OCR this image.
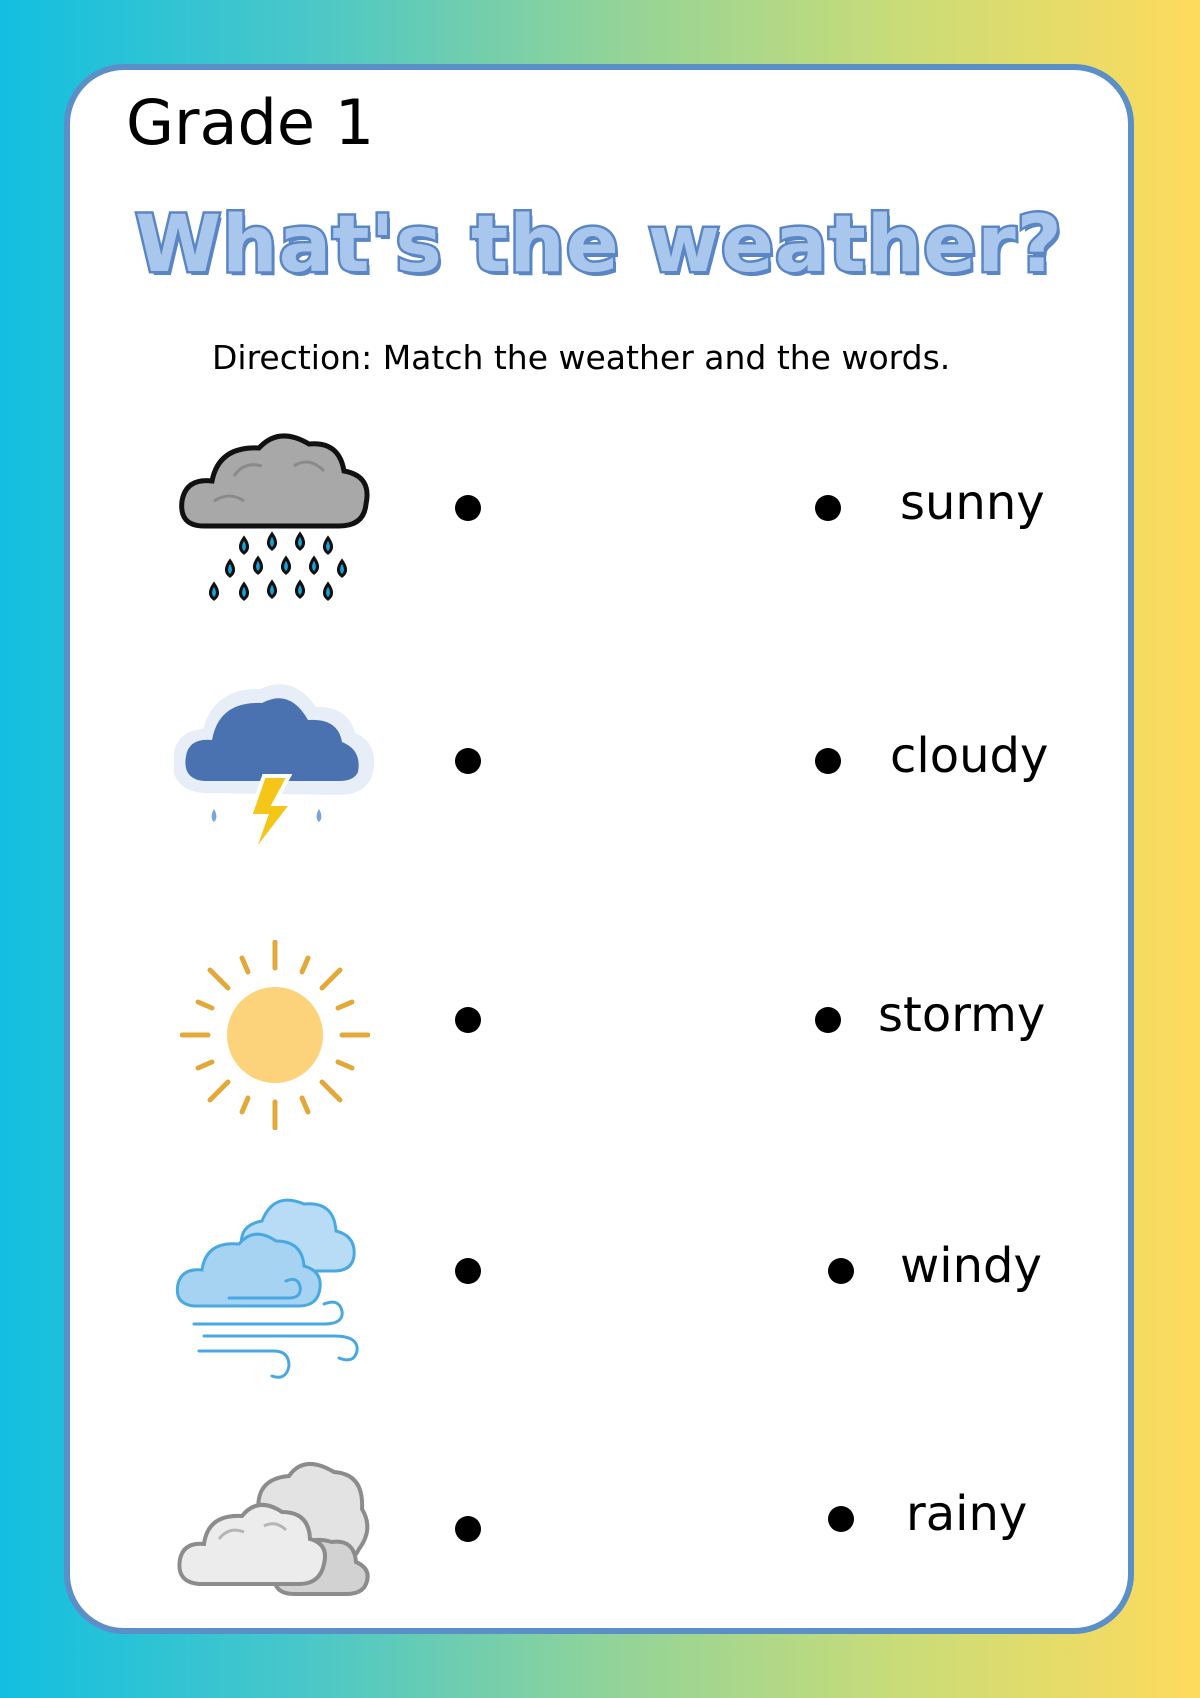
Grade 1
What's the weather?
Direction: Match the weather and the words.
sunny
cloudy
stormy
windy
rainy
